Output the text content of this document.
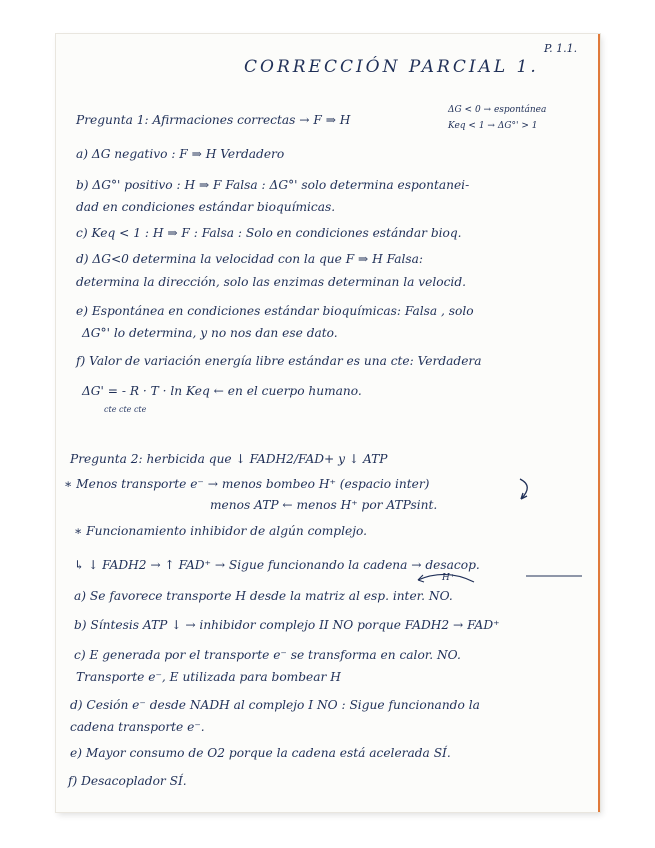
P. 1.1.
CORRECCIÓN PARCIAL 1.
Pregunta 1: Afirmaciones correctas → F ⇒ H
ΔG < 0 → espontánea
Keq < 1 → ΔG°' > 1
a) ΔG negativo : F ⇒ H Verdadero
b) ΔG°' positivo : H ⇒ F Falsa : ΔG°' solo determina espontanei-
dad en condiciones estándar bioquímicas.
c) Keq < 1 : H ⇒ F : Falsa : Solo en condiciones estándar bioq.
d) ΔG<0 determina la velocidad con la que F ⇒ H Falsa:
determina la dirección, solo las enzimas determinan la velocid.
e) Espontánea en condiciones estándar bioquímicas: Falsa , solo
ΔG°' lo determina, y no nos dan ese dato.
f) Valor de variación energía libre estándar es una cte: Verdadera
ΔG' = - R · T · ln Keq ← en el cuerpo humano.
cte cte cte
Pregunta 2: herbicida que ↓ FADH2/FAD+ y ↓ ATP
∗ Menos transporte e⁻ → menos bombeo H⁺ (espacio inter)
menos ATP ← menos H⁺ por ATPsint.
∗ Funcionamiento inhibidor de algún complejo.
↳ ↓ FADH2 → ↑ FAD⁺ → Sigue funcionando la cadena → desacop.
H⁺
a) Se favorece transporte H desde la matriz al esp. inter. NO.
b) Síntesis ATP ↓ → inhibidor complejo II NO porque FADH2 → FAD⁺
c) E generada por el transporte e⁻ se transforma en calor. NO.
Transporte e⁻, E utilizada para bombear H
d) Cesión e⁻ desde NADH al complejo I NO : Sigue funcionando la
cadena transporte e⁻.
e) Mayor consumo de O2 porque la cadena está acelerada SÍ.
f) Desacoplador SÍ.
